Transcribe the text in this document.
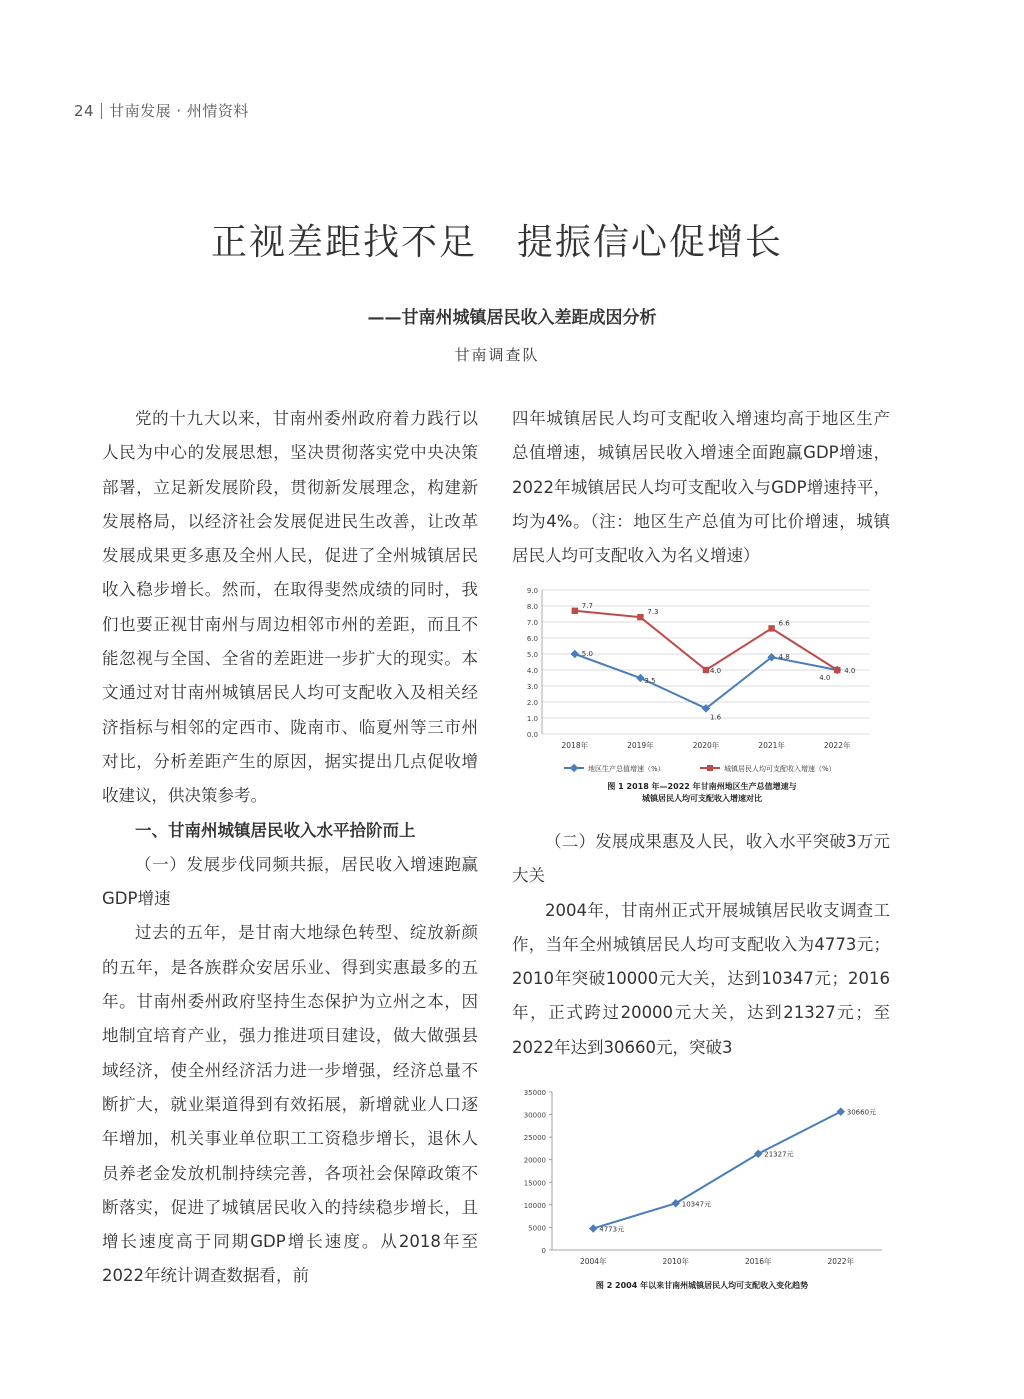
24 甘南发展 · 州情资料
正视差距找不足 提振信心促增长
——甘南州城镇居民收入差距成因分析
甘南调查队

党的十九大以来，甘南州委州政府着力践行以人民为中心的发展思想，坚决贯彻落实党中央决策部署，立足新发展阶段，贯彻新发展理念，构建新发展格局，以经济社会发展促进民生改善，让改革发展成果更多惠及全州人民，促进了全州城镇居民收入稳步增长。然而，在取得斐然成绩的同时，我们也要正视甘南州与周边相邻市州的差距，而且不能忽视与全国、全省的差距进一步扩大的现实。本文通过对甘南州城镇居民人均可支配收入及相关经济指标与相邻的定西市、陇南市、临夏州等三市州对比，分析差距产生的原因，据实提出几点促收增收建议，供决策参考。

一、甘南州城镇居民收入水平拾阶而上

（一）发展步伐同频共振，居民收入增速跑赢GDP增速

过去的五年，是甘南大地绿色转型、绽放新颜的五年，是各族群众安居乐业、得到实惠最多的五年。甘南州委州政府坚持生态保护为立州之本，因地制宜培育产业，强力推进项目建设，做大做强县域经济，使全州经济活力进一步增强，经济总量不断扩大，就业渠道得到有效拓展，新增就业人口逐年增加，机关事业单位职工工资稳步增长，退休人员养老金发放机制持续完善，各项社会保障政策不断落实，促进了城镇居民收入的持续稳步增长，且增长速度高于同期GDP增长速度。从2018年至2022年统计调查数据看，前

四年城镇居民人均可支配收入增速均高于地区生产总值增速，城镇居民收入增速全面跑赢GDP增速，2022年城镇居民人均可支配收入与GDP增速持平，均为4%。（注：地区生产总值为可比价增速，城镇居民人均可支配收入为名义增速）

0.0
1.0
2.0
3.0
4.0
5.0
6.0
7.0
8.0
9.0
2018年	2019年	2020年	2021年	2022年
5.0
3.5
1.6
4.8
4.0
7.7
7.3
4.0
6.6
4.0
地区生产总值增速（%）	城镇居民人均可支配收入增速（%）
图 1 2018 年—2022 年甘南州地区生产总值增速与
城镇居民人均可支配收入增速对比

（二）发展成果惠及人民，收入水平突破3万元大关

2004年，甘南州正式开展城镇居民收支调查工作，当年全州城镇居民人均可支配收入为4773元；2010年突破10000元大关，达到10347元；2016年，正式跨过20000元大关，达到21327元；至2022年达到30660元，突破3

0
5000
10000
15000
20000
25000
30000
35000
2004年	2010年	2016年	2022年
4773元
10347元
21327元
30660元
图 2 2004 年以来甘南州城镇居民人均可支配收入变化趋势
